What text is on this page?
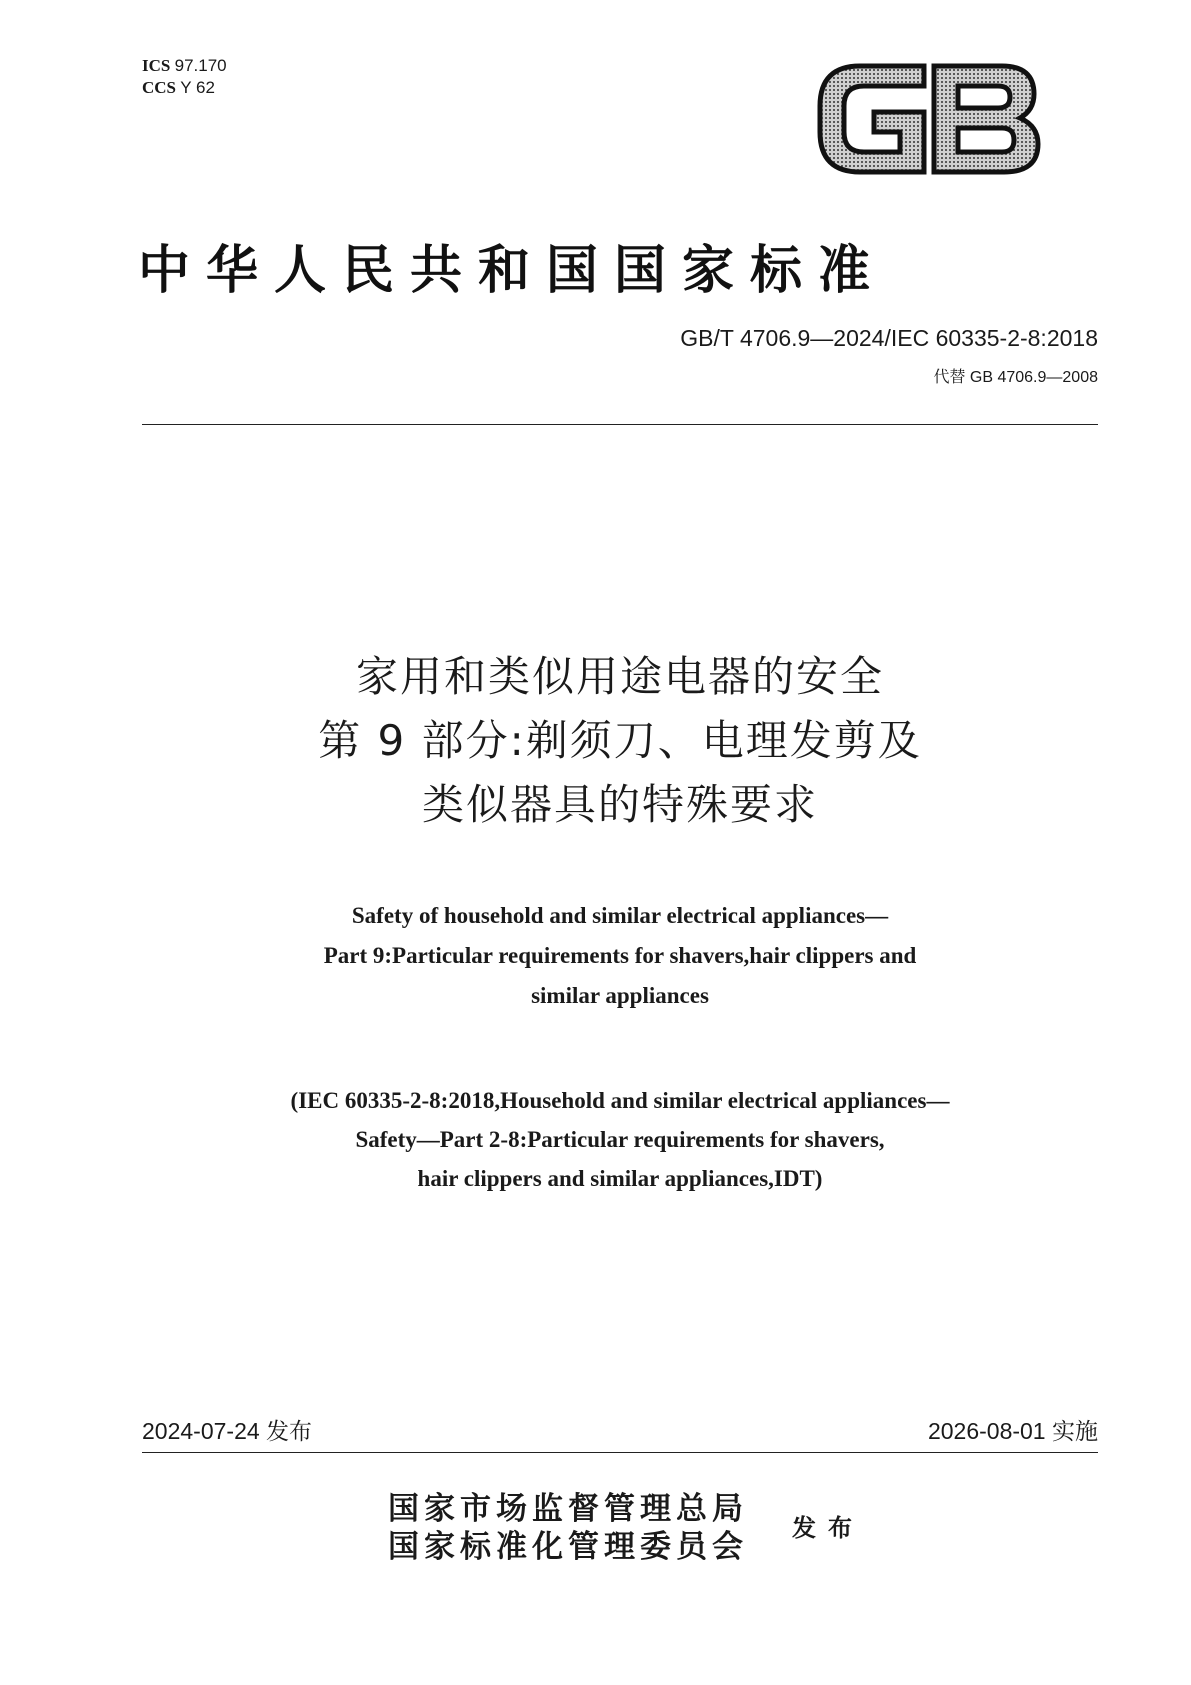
ICS 97.170
CCS Y 62
中华人民共和国国家标准
GB/T 4706.9—2024/IEC 60335-2-8:2018
代替 GB 4706.9—2008
家用和类似用途电器的安全
第 9 部分:剃须刀、电理发剪及
类似器具的特殊要求
Safety of household and similar electrical appliances—
Part 9:Particular requirements for shavers,hair clippers and
similar appliances
(IEC 60335-2-8:2018,Household and similar electrical appliances—
Safety—Part 2-8:Particular requirements for shavers,
hair clippers and similar appliances,IDT)
2024-07-24 发布	2026-08-01 实施
国家市场监督管理总局
国家标准化管理委员会
发布
